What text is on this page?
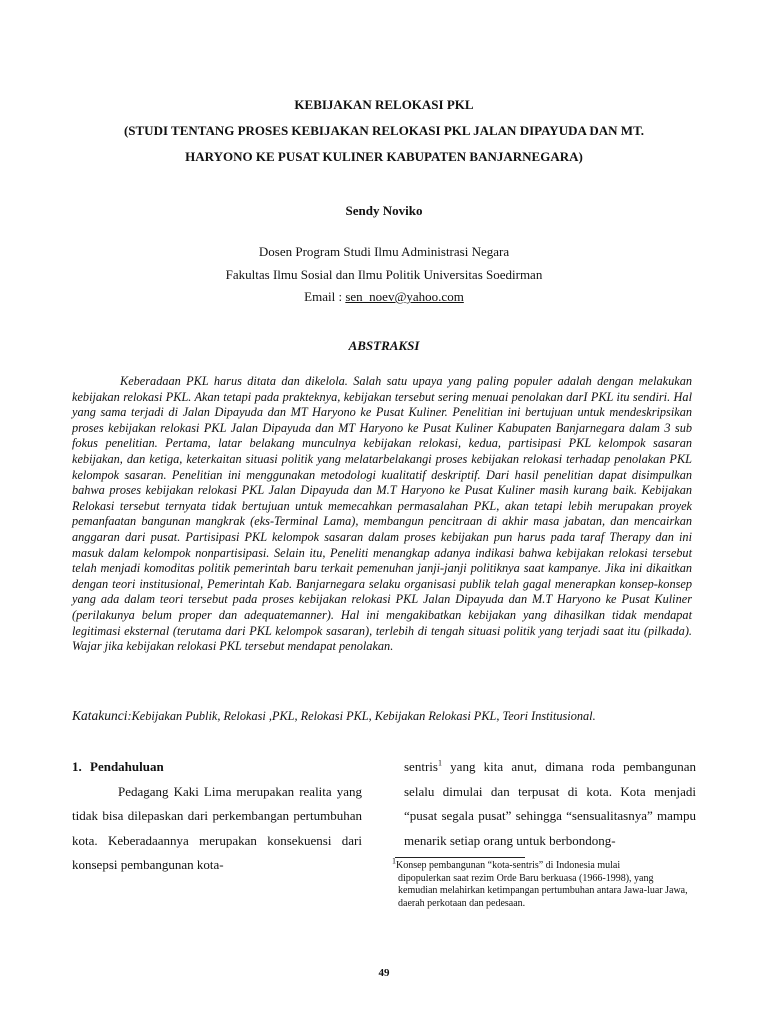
KEBIJAKAN RELOKASI PKL
(STUDI TENTANG PROSES KEBIJAKAN RELOKASI PKL JALAN DIPAYUDA DAN MT.
HARYONO KE PUSAT KULINER KABUPATEN BANJARNEGARA)

Sendy Noviko

Dosen Program Studi Ilmu Administrasi Negara
Fakultas Ilmu Sosial dan Ilmu Politik Universitas Soedirman
Email : sen_noev@yahoo.com

ABSTRAKSI

Keberadaan PKL harus ditata dan dikelola. Salah satu upaya yang paling populer adalah dengan melakukan kebijakan relokasi PKL. Akan tetapi pada prakteknya, kebijakan tersebut sering menuai penolakan darI PKL itu sendiri. Hal yang sama terjadi di Jalan Dipayuda dan MT Haryono ke Pusat Kuliner. Penelitian ini bertujuan untuk mendeskripsikan proses kebijakan relokasi PKL Jalan Dipayuda dan MT Haryono ke Pusat Kuliner Kabupaten Banjarnegara dalam 3 sub fokus penelitian. Pertama, latar belakang munculnya kebijakan relokasi, kedua, partisipasi PKL kelompok sasaran kebijakan, dan ketiga, keterkaitan situasi politik yang melatarbelakangi proses kebijakan relokasi terhadap penolakan PKL kelompok sasaran. Penelitian ini menggunakan metodologi kualitatif deskriptif. Dari hasil penelitian dapat disimpulkan bahwa proses kebijakan relokasi PKL Jalan Dipayuda dan M.T Haryono ke Pusat Kuliner masih kurang baik. Kebijakan Relokasi tersebut ternyata tidak bertujuan untuk memecahkan permasalahan PKL, akan tetapi lebih merupakan proyek pemanfaatan bangunan mangkrak (eks-Terminal Lama), membangun pencitraan di akhir masa jabatan, dan mencairkan anggaran dari pusat. Partisipasi PKL kelompok sasaran dalam proses kebijakan pun harus pada taraf Therapy dan ini masuk dalam kelompok nonpartisipasi. Selain itu, Peneliti menangkap adanya indikasi bahwa kebijakan relokasi tersebut telah menjadi komoditas politik pemerintah baru terkait pemenuhan janji-janji politiknya saat kampanye. Jika ini dikaitkan dengan teori institusional, Pemerintah Kab. Banjarnegara selaku organisasi publik telah gagal menerapkan konsep-konsep yang ada dalam teori tersebut pada proses kebijakan relokasi PKL Jalan Dipayuda dan M.T Haryono ke Pusat Kuliner (perilakunya belum proper dan adequatemanner). Hal ini mengakibatkan kebijakan yang dihasilkan tidak mendapat legitimasi eksternal (terutama dari PKL kelompok sasaran), terlebih di tengah situasi politik yang terjadi saat itu (pilkada). Wajar jika kebijakan relokasi PKL tersebut mendapat penolakan.

Katakunci:Kebijakan Publik, Relokasi ,PKL, Relokasi PKL, Kebijakan Relokasi PKL, Teori Institusional.

1. Pendahuluan

Pedagang Kaki Lima merupakan realita yang tidak bisa dilepaskan dari perkembangan pertumbuhan kota. Keberadaannya merupakan konsekuensi dari konsepsi pembangunan kota-

sentris$^1$ yang kita anut, dimana roda pembangunan selalu dimulai dan terpusat di kota. Kota menjadi “pusat segala pusat” sehingga “sensualitasnya” mampu menarik setiap orang untuk berbondong-

$^1$Konsep pembangunan “kota-sentris” di Indonesia mulai
dipopulerkan saat rezim Orde Baru berkuasa (1966-1998), yang kemudian melahirkan ketimpangan pertumbuhan antara Jawa-luar Jawa, daerah perkotaan dan pedesaan.

49
